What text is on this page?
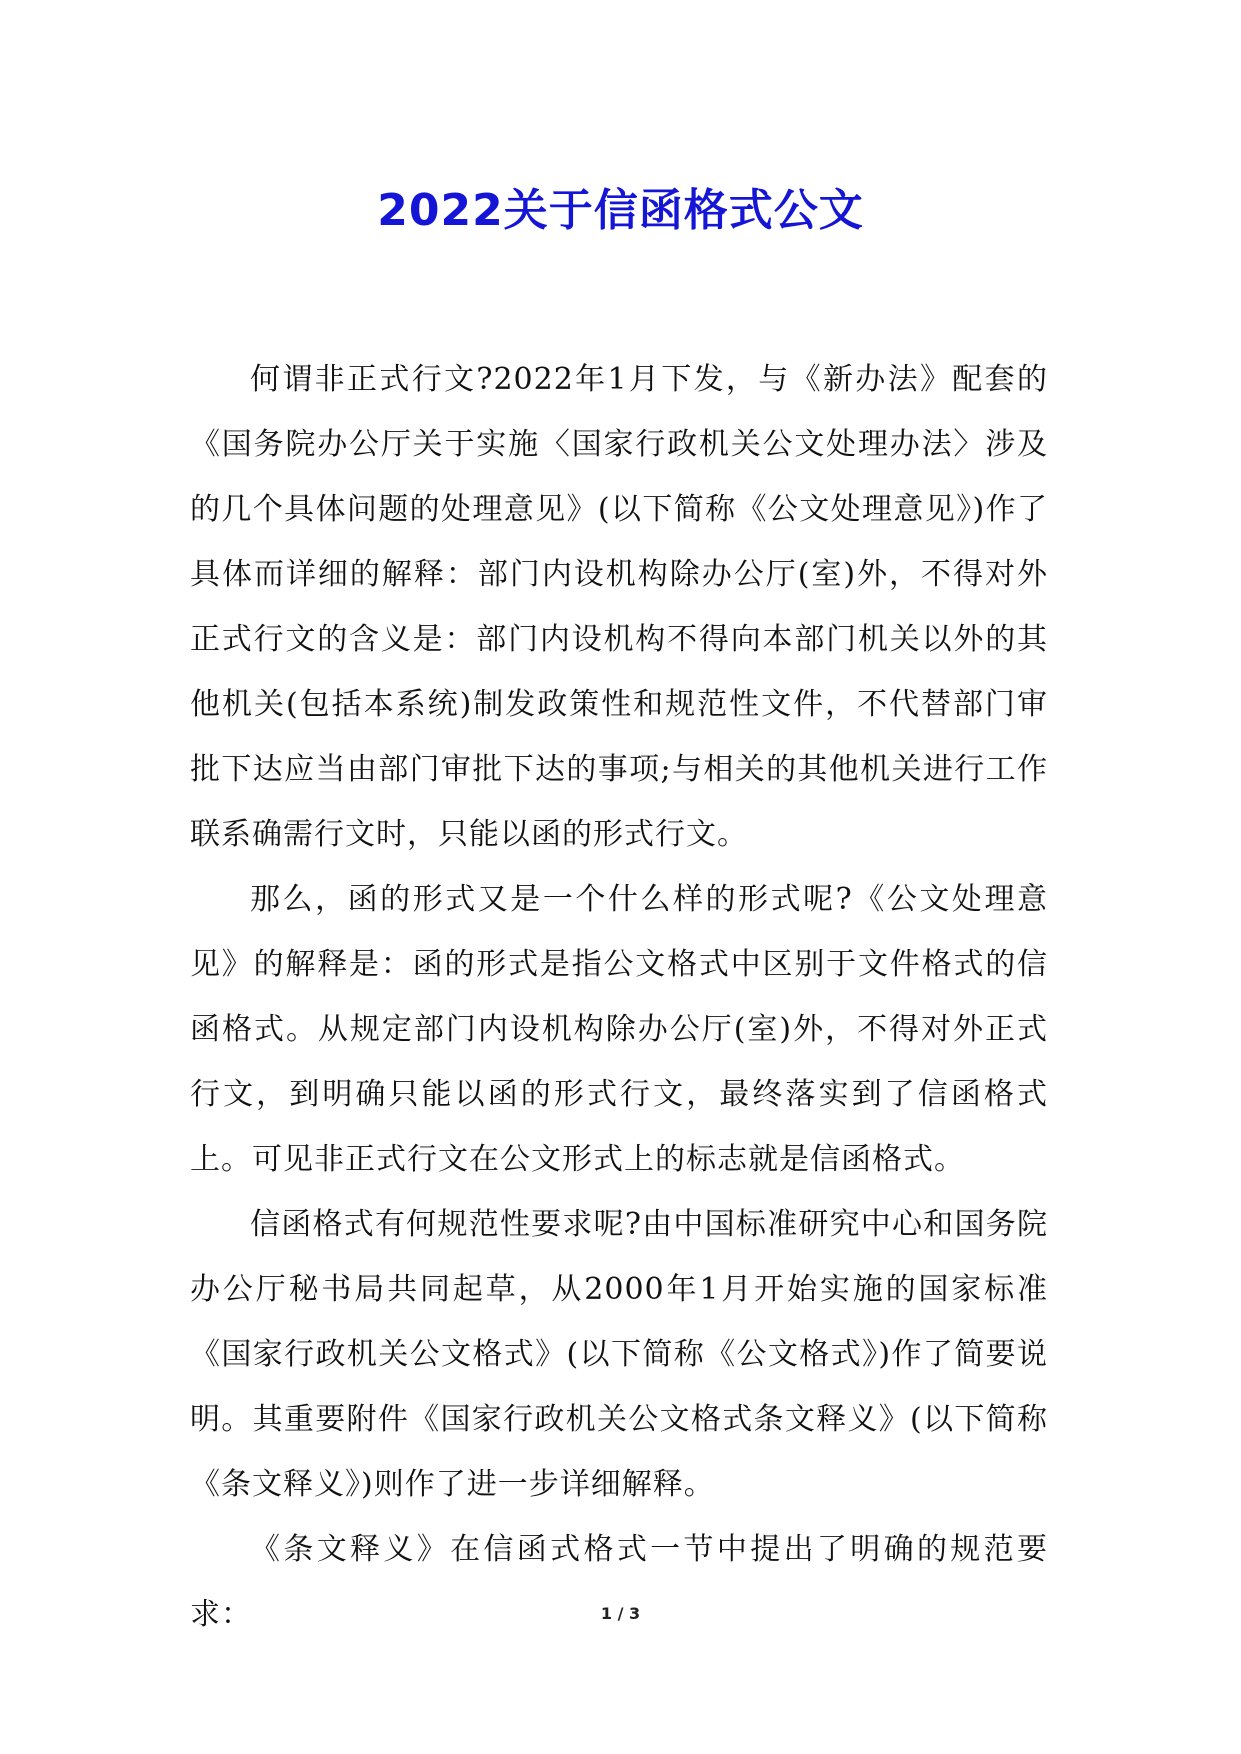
2022关于信函格式公文

何谓非正式行文?2022年1月下发，与《新办法》配套的《国务院办公厅关于实施〈国家行政机关公文处理办法〉涉及的几个具体问题的处理意见》(以下简称《公文处理意见》)作了具体而详细的解释：部门内设机构除办公厅(室)外，不得对外正式行文的含义是：部门内设机构不得向本部门机关以外的其他机关(包括本系统)制发政策性和规范性文件，不代替部门审批下达应当由部门审批下达的事项;与相关的其他机关进行工作联系确需行文时，只能以函的形式行文。

那么，函的形式又是一个什么样的形式呢?《公文处理意见》的解释是：函的形式是指公文格式中区别于文件格式的信函格式。从规定部门内设机构除办公厅(室)外，不得对外正式行文，到明确只能以函的形式行文，最终落实到了信函格式上。可见非正式行文在公文形式上的标志就是信函格式。

信函格式有何规范性要求呢?由中国标准研究中心和国务院办公厅秘书局共同起草，从2000年1月开始实施的国家标准《国家行政机关公文格式》(以下简称《公文格式》)作了简要说明。其重要附件《国家行政机关公文格式条文释义》(以下简称《条文释义》)则作了进一步详细解释。

《条文释义》在信函式格式一节中提出了明确的规范要求：	1 / 3
